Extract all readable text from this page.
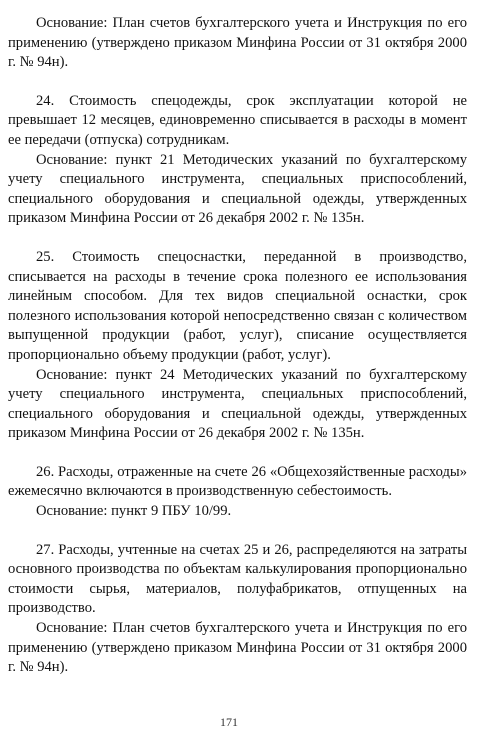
Основание: План счетов бухгалтерского учета и Инструкция по его применению (утверждено приказом Минфина России от 31 октября 2000 г. № 94н).

24. Стоимость спецодежды, срок эксплуатации которой не превышает 12 месяцев, единовременно списывается в расходы в момент ее передачи (отпуска) сотрудникам.

Основание: пункт 21 Методических указаний по бухгалтерскому учету специального инструмента, специальных приспособлений, специального оборудования и специальной одежды, утвержденных приказом Минфина России от 26 декабря 2002 г. № 135н.

25. Стоимость спецоснастки, переданной в производство, списывается на расходы в течение срока полезного ее использования линейным способом. Для тех видов специальной оснастки, срок полезного использования которой непосредственно связан с количеством выпущенной продукции (работ, услуг), списание осуществляется пропорционально объему продукции (работ, услуг).

Основание: пункт 24 Методических указаний по бухгалтерскому учету специального инструмента, специальных приспособлений, специального оборудования и специальной одежды, утвержденных приказом Минфина России от 26 декабря 2002 г. № 135н.

26. Расходы, отраженные на счете 26 «Общехозяйственные расходы» ежемесячно включаются в производственную себестоимость.

Основание: пункт 9 ПБУ 10/99.

27. Расходы, учтенные на счетах 25 и 26, распределяются на затраты основного производства по объектам калькулирования пропорционально стоимости сырья, материалов, полуфабрикатов, отпущенных на производство.

Основание: План счетов бухгалтерского учета и Инструкция по его применению (утверждено приказом Минфина России от 31 октября 2000 г. № 94н).

171
